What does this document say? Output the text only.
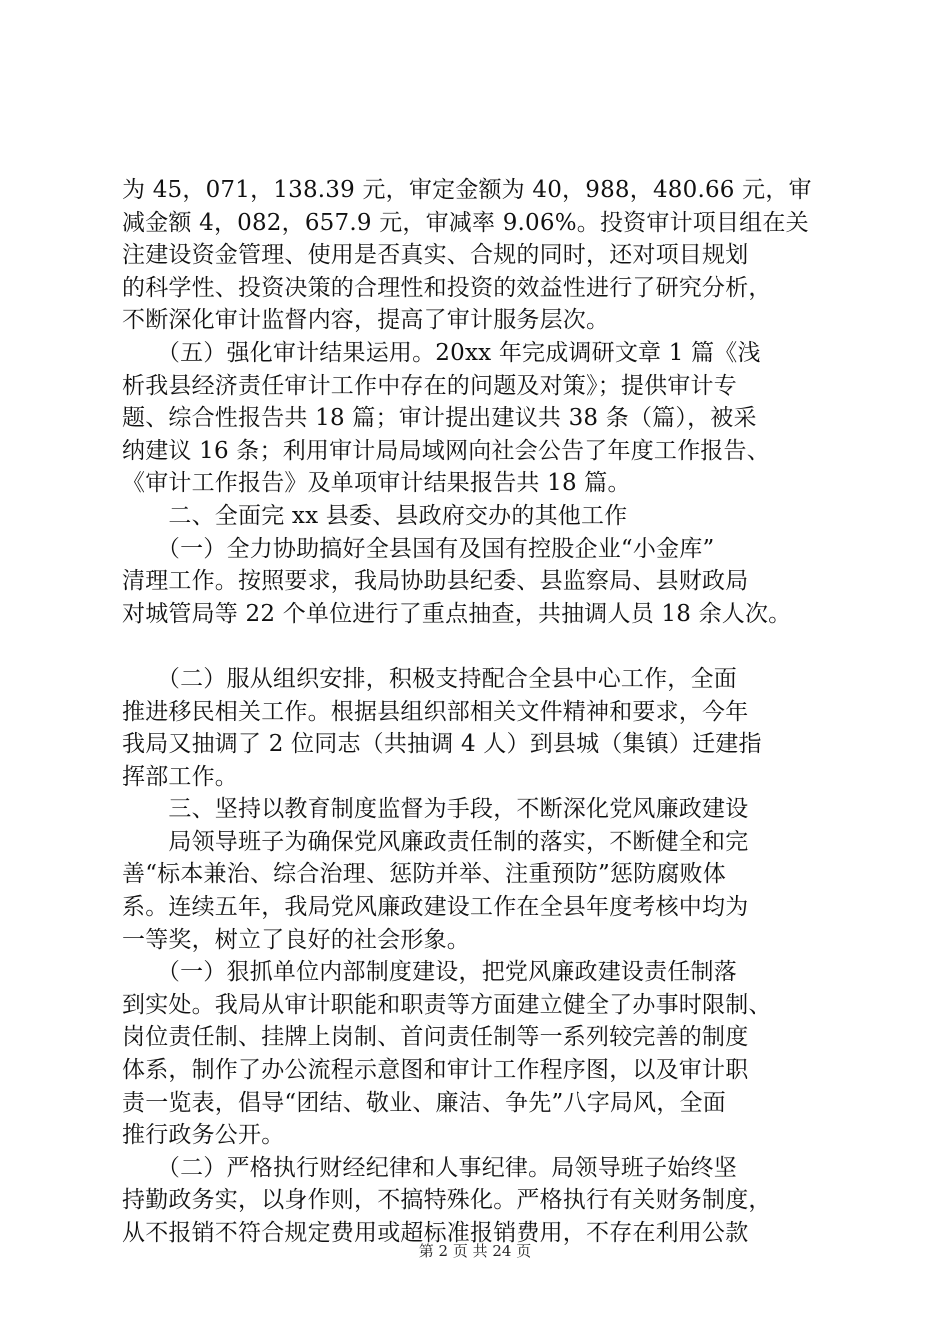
为 45，071，138.39 元，审定金额为 40，988，480.66 元，审
减金额 4，082，657.9 元，审减率 9.06%。投资审计项目组在关
注建设资金管理、使用是否真实、合规的同时，还对项目规划
的科学性、投资决策的合理性和投资的效益性进行了研究分析，
不断深化审计监督内容，提高了审计服务层次。
　　（五）强化审计结果运用。20xx 年完成调研文章 1 篇《浅
析我县经济责任审计工作中存在的问题及对策》；提供审计专
题、综合性报告共 18 篇；审计提出建议共 38 条（篇），被采
纳建议 16 条；利用审计局局域网向社会公告了年度工作报告、
《审计工作报告》及单项审计结果报告共 18 篇。
　　二、全面完 xx 县委、县政府交办的其他工作
　　（一）全力协助搞好全县国有及国有控股企业“小金库”
清理工作。按照要求，我局协助县纪委、县监察局、县财政局
对城管局等 22 个单位进行了重点抽查，共抽调人员 18 余人次。
　　（二）服从组织安排，积极支持配合全县中心工作，全面
推进移民相关工作。根据县组织部相关文件精神和要求，今年
我局又抽调了 2 位同志（共抽调 4 人）到县城（集镇）迁建指
挥部工作。
　　三、坚持以教育制度监督为手段，不断深化党风廉政建设
　　局领导班子为确保党风廉政责任制的落实，不断健全和完
善“标本兼治、综合治理、惩防并举、注重预防”惩防腐败体
系。连续五年，我局党风廉政建设工作在全县年度考核中均为
一等奖，树立了良好的社会形象。
　　（一）狠抓单位内部制度建设，把党风廉政建设责任制落
到实处。我局从审计职能和职责等方面建立健全了办事时限制、
岗位责任制、挂牌上岗制、首问责任制等一系列较完善的制度
体系，制作了办公流程示意图和审计工作程序图，以及审计职
责一览表，倡导“团结、敬业、廉洁、争先”八字局风，全面
推行政务公开。
　　（二）严格执行财经纪律和人事纪律。局领导班子始终坚
持勤政务实，以身作则，不搞特殊化。严格执行有关财务制度，
从不报销不符合规定费用或超标准报销费用，不存在利用公款
第 2 页 共 24 页
